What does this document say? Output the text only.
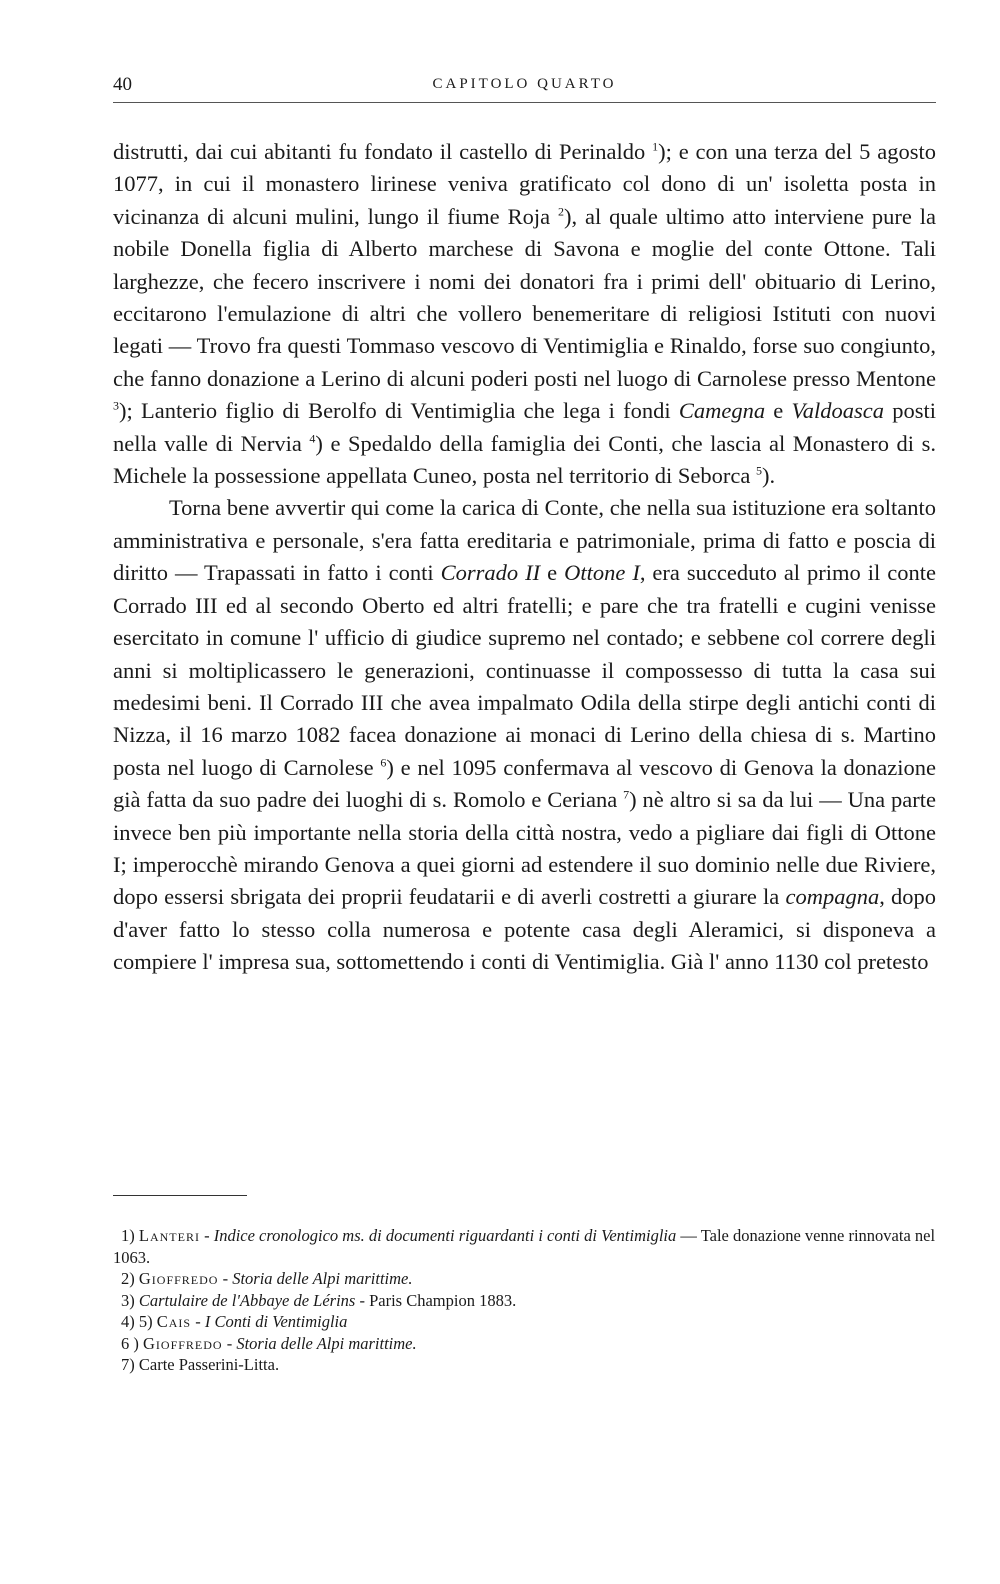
40	CAPITOLO QUARTO

distrutti, dai cui abitanti fu fondato il castello di Perinaldo $^1$); e con una terza del 5 agosto 1077, in cui il monastero lirinese veniva gratificato col dono di un' isoletta posta in vicinanza di alcuni mulini, lungo il fiume Roja $^2$), al quale ultimo atto interviene pure la nobile Donella figlia di Alberto marchese di Savona e moglie del conte Ottone. Tali larghezze, che fecero inscrivere i nomi dei donatori fra i primi dell' obituario di Lerino, eccitarono l'emulazione di altri che vollero benemeritare di religiosi Istituti con nuovi legati — Trovo fra questi Tommaso vescovo di Ventimiglia e Rinaldo, forse suo congiunto, che fanno donazione a Lerino di alcuni poderi posti nel luogo di Carnolese presso Mentone $^3$); Lanterio figlio di Berolfo di Ventimiglia che lega i fondi Camegna e Valdoasca posti nella valle di Nervia $^4$) e Spedaldo della famiglia dei Conti, che lascia al Monastero di s. Michele la possessione appellata Cuneo, posta nel territorio di Seborca $^5$).

Torna bene avvertir qui come la carica di Conte, che nella sua istituzione era soltanto amministrativa e personale, s'era fatta ereditaria e patrimoniale, prima di fatto e poscia di diritto — Trapassati in fatto i conti Corrado II e Ottone I, era succeduto al primo il conte Corrado III ed al secondo Oberto ed altri fratelli; e pare che tra fratelli e cugini venisse esercitato in comune l' ufficio di giudice supremo nel contado; e sebbene col correre degli anni si moltiplicassero le generazioni, continuasse il compossesso di tutta la casa sui medesimi beni. Il Corrado III che avea impalmato Odila della stirpe degli antichi conti di Nizza, il 16 marzo 1082 facea donazione ai monaci di Lerino della chiesa di s. Martino posta nel luogo di Carnolese $^6$) e nel 1095 confermava al vescovo di Genova la donazione già fatta da suo padre dei luoghi di s. Romolo e Ceriana $^7$) nè altro si sa da lui — Una parte invece ben più importante nella storia della città nostra, vedo a pigliare dai figli di Ottone I; imperocchè mirando Genova a quei giorni ad estendere il suo dominio nelle due Riviere, dopo essersi sbrigata dei proprii feudatarii e di averli costretti a giurare la compagna, dopo d'aver fatto lo stesso colla numerosa e potente casa degli Aleramici, si disponeva a compiere l' impresa sua, sottomettendo i conti di Ventimiglia. Già l' anno 1130 col pretesto

1) Lanteri - Indice cronologico ms. di documenti riguardanti i conti di Ventimiglia — Tale donazione venne rinnovata nel 1063.

2) Gioffredo - Storia delle Alpi marittime.

3) Cartulaire de l'Abbaye de Lérins - Paris Champion 1883.

4) 5) Cais - I Conti di Ventimiglia

6 ) Gioffredo - Storia delle Alpi marittime.

7) Carte Passerini-Litta.
